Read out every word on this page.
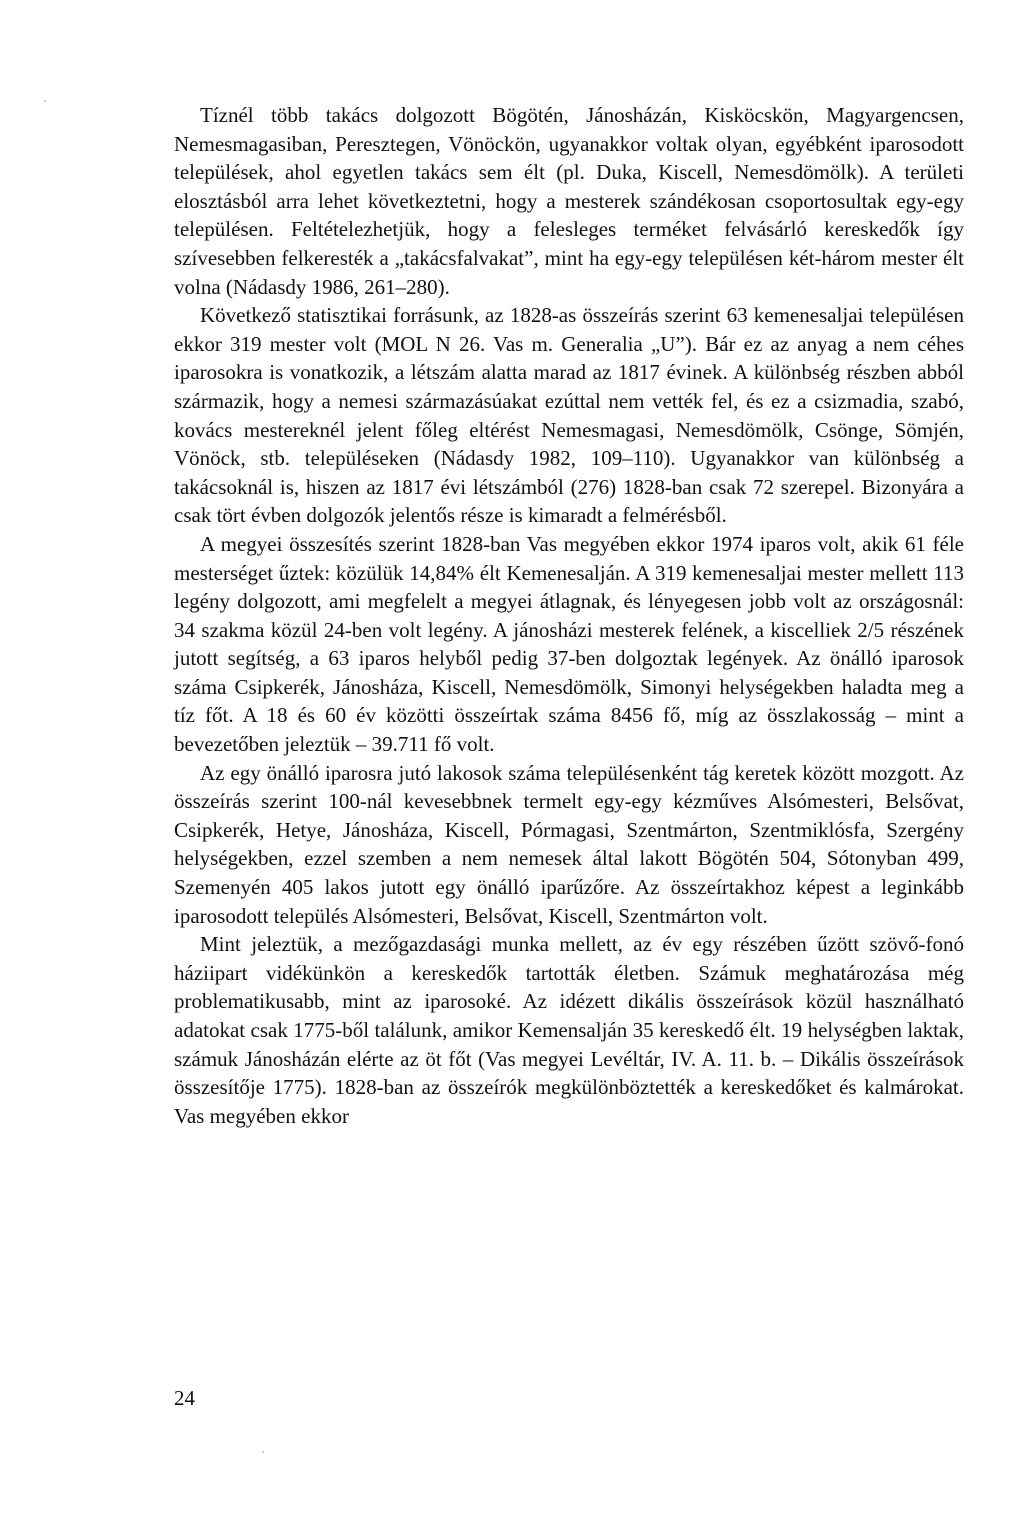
Tíznél több takács dolgozott Bögötén, Jánosházán, Kisköcskön, Magyargencsen, Nemesmagasiban, Peresztegen, Vönöckön, ugyanakkor voltak olyan, egyébként iparosodott települések, ahol egyetlen takács sem élt (pl. Duka, Kiscell, Nemesdömölk). A területi elosztásból arra lehet következtetni, hogy a mesterek szándékosan csoportosultak egy-egy településen. Feltételezhetjük, hogy a felesleges terméket felvásárló kereskedők így szívesebben felkeresték a „takácsfalvakat”, mint ha egy-egy településen két-három mester élt volna (Nádasdy 1986, 261–280).

Következő statisztikai forrásunk, az 1828-as összeírás szerint 63 kemenesaljai településen ekkor 319 mester volt (MOL N 26. Vas m. Generalia „U”). Bár ez az anyag a nem céhes iparosokra is vonatkozik, a létszám alatta marad az 1817 évinek. A különbség részben abból származik, hogy a nemesi származásúakat ezúttal nem vették fel, és ez a csizmadia, szabó, kovács mestereknél jelent főleg eltérést Nemesmagasi, Nemesdömölk, Csönge, Sömjén, Vönöck, stb. településeken (Nádasdy 1982, 109–110). Ugyanakkor van különbség a takácsoknál is, hiszen az 1817 évi létszámból (276) 1828-ban csak 72 szerepel. Bizonyára a csak tört évben dolgozók jelentős része is kimaradt a felmérésből.

A megyei összesítés szerint 1828-ban Vas megyében ekkor 1974 iparos volt, akik 61 féle mesterséget űztek: közülük 14,84% élt Kemenesalján. A 319 kemenesaljai mester mellett 113 legény dolgozott, ami megfelelt a megyei átlagnak, és lényegesen jobb volt az országosnál: 34 szakma közül 24-ben volt legény. A jánosházi mesterek felének, a kiscelliek 2/5 részének jutott segítség, a 63 iparos helyből pedig 37-ben dolgoztak legények. Az önálló iparosok száma Csipkerék, Jánosháza, Kiscell, Nemesdömölk, Simonyi helységekben haladta meg a tíz főt. A 18 és 60 év közötti összeírtak száma 8456 fő, míg az összlakosság – mint a bevezetőben jeleztük – 39.711 fő volt.

Az egy önálló iparosra jutó lakosok száma településenként tág keretek között mozgott. Az összeírás szerint 100-nál kevesebbnek termelt egy-egy kézműves Alsómesteri, Belsővat, Csipkerék, Hetye, Jánosháza, Kiscell, Pórmagasi, Szentmárton, Szentmiklósfa, Szergény helységekben, ezzel szemben a nem nemesek által lakott Bögötén 504, Sótonyban 499, Szemenyén 405 lakos jutott egy önálló iparűzőre. Az összeírtakhoz képest a leginkább iparosodott település Alsómesteri, Belsővat, Kiscell, Szentmárton volt.

Mint jeleztük, a mezőgazdasági munka mellett, az év egy részében űzött szövő-fonó háziipart vidékünkön a kereskedők tartották életben. Számuk meghatározása még problematikusabb, mint az iparosoké. Az idézett dikális összeírások közül használható adatokat csak 1775-ből találunk, amikor Kemensalján 35 kereskedő élt. 19 helységben laktak, számuk Jánosházán elérte az öt főt (Vas megyei Levéltár, IV. A. 11. b. – Dikális összeírások összesítője 1775). 1828-ban az összeírók megkülönböztették a kereskedőket és kalmárokat. Vas megyében ekkor

24
